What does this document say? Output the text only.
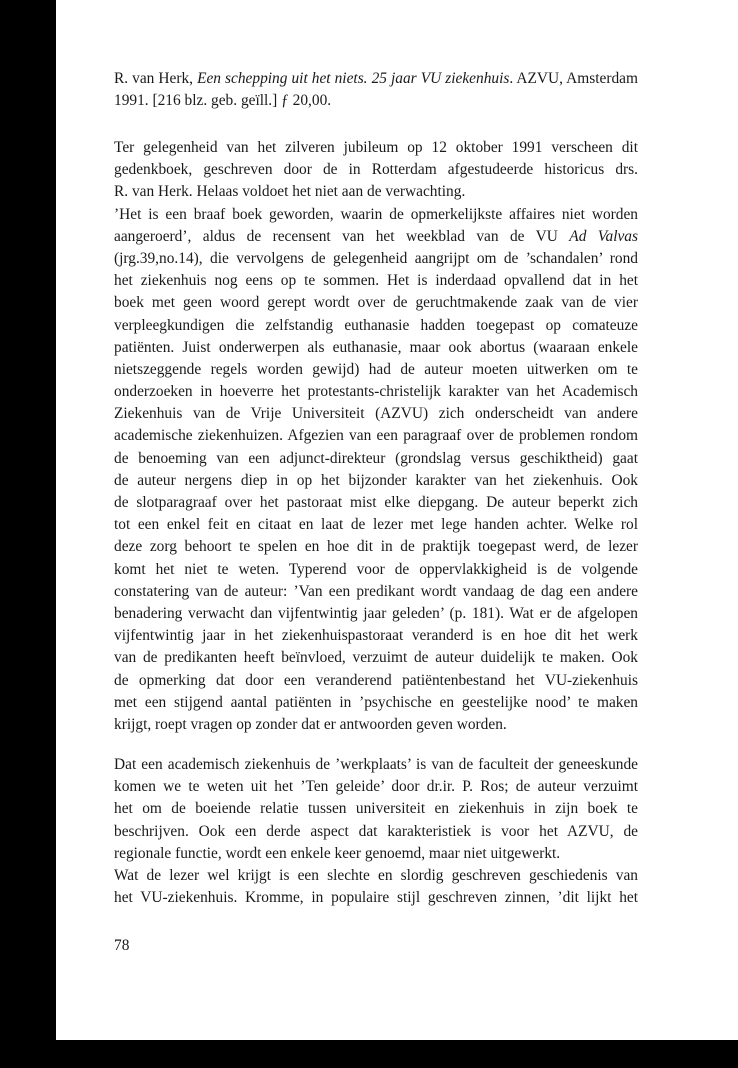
R. van Herk, Een schepping uit het niets. 25 jaar VU ziekenhuis. AZVU, Amsterdam
1991. [216 blz. geb. geïll.] ƒ 20,00.
Ter gelegenheid van het zilveren jubileum op 12 oktober 1991 verscheen dit
gedenkboek, geschreven door de in Rotterdam afgestudeerde historicus drs.
R. van Herk. Helaas voldoet het niet aan de verwachting.
’Het is een braaf boek geworden, waarin de opmerkelijkste affaires niet worden
aangeroerd’, aldus de recensent van het weekblad van de VU Ad Valvas
(jrg.39,no.14), die vervolgens de gelegenheid aangrijpt om de ’schandalen’ rond
het ziekenhuis nog eens op te sommen. Het is inderdaad opvallend dat in het
boek met geen woord gerept wordt over de geruchtmakende zaak van de vier
verpleegkundigen die zelfstandig euthanasie hadden toegepast op comateuze
patiënten. Juist onderwerpen als euthanasie, maar ook abortus (waaraan enkele
nietszeggende regels worden gewijd) had de auteur moeten uitwerken om te
onderzoeken in hoeverre het protestants-christelijk karakter van het Academisch
Ziekenhuis van de Vrije Universiteit (AZVU) zich onderscheidt van andere
academische ziekenhuizen. Afgezien van een paragraaf over de problemen rondom
de benoeming van een adjunct-direkteur (grondslag versus geschiktheid) gaat
de auteur nergens diep in op het bijzonder karakter van het ziekenhuis. Ook
de slotparagraaf over het pastoraat mist elke diepgang. De auteur beperkt zich
tot een enkel feit en citaat en laat de lezer met lege handen achter. Welke rol
deze zorg behoort te spelen en hoe dit in de praktijk toegepast werd, de lezer
komt het niet te weten. Typerend voor de oppervlakkigheid is de volgende
constatering van de auteur: ’Van een predikant wordt vandaag de dag een andere
benadering verwacht dan vijfentwintig jaar geleden’ (p. 181). Wat er de afgelopen
vijfentwintig jaar in het ziekenhuispastoraat veranderd is en hoe dit het werk
van de predikanten heeft beïnvloed, verzuimt de auteur duidelijk te maken. Ook
de opmerking dat door een veranderend patiëntenbestand het VU-ziekenhuis
met een stijgend aantal patiënten in ’psychische en geestelijke nood’ te maken
krijgt, roept vragen op zonder dat er antwoorden geven worden.
Dat een academisch ziekenhuis de ’werkplaats’ is van de faculteit der geneeskunde
komen we te weten uit het ’Ten geleide’ door dr.ir. P. Ros; de auteur verzuimt
het om de boeiende relatie tussen universiteit en ziekenhuis in zijn boek te
beschrijven. Ook een derde aspect dat karakteristiek is voor het AZVU, de
regionale functie, wordt een enkele keer genoemd, maar niet uitgewerkt.
Wat de lezer wel krijgt is een slechte en slordig geschreven geschiedenis van
het VU-ziekenhuis. Kromme, in populaire stijl geschreven zinnen, ’dit lijkt het
78
